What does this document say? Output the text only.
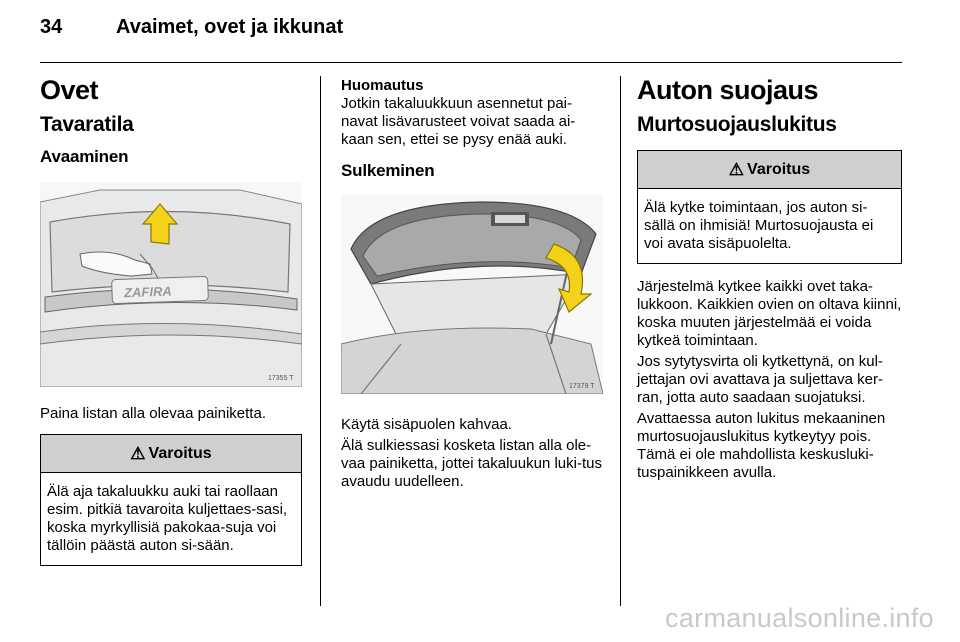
34	Avaimet, ovet ja ikkunat
Ovet
Tavaratila
Avaaminen
ZAFIRA
17355 T

Paina listan alla olevaa painiketta.

⚠ Varoitus

Älä aja takaluukku auki tai raollaan esim. pitkiä tavaroita kuljettaes-sasi, koska myrkyllisiä pakokaa-suja voi tällöin päästä auton si-sään.

Huomautus

Jotkin takaluukkuun asennetut pai-navat lisävarusteet voivat saada ai-kaan sen, ettei se pysy enää auki.

Sulkeminen
17379 T

Käytä sisäpuolen kahvaa.

Älä sulkiessasi kosketa listan alla ole-vaa painiketta, jottei takaluukun luki-tus avaudu uudelleen.

Auton suojaus
Murtosuojauslukitus
⚠ Varoitus

Älä kytke toimintaan, jos auton si-sällä on ihmisiä! Murtosuojausta ei voi avata sisäpuolelta.

Järjestelmä kytkee kaikki ovet taka-lukkoon. Kaikkien ovien on oltava kiinni, koska muuten järjestelmää ei voida kytkeä toimintaan.

Jos sytytysvirta oli kytkettynä, on kul-jettajan ovi avattava ja suljettava ker-ran, jotta auto saadaan suojatuksi.

Avattaessa auton lukitus mekaaninen murtosuojauslukitus kytkeytyy pois. Tämä ei ole mahdollista keskusluki-tuspainikkeen avulla.

carmanualsonline.info
